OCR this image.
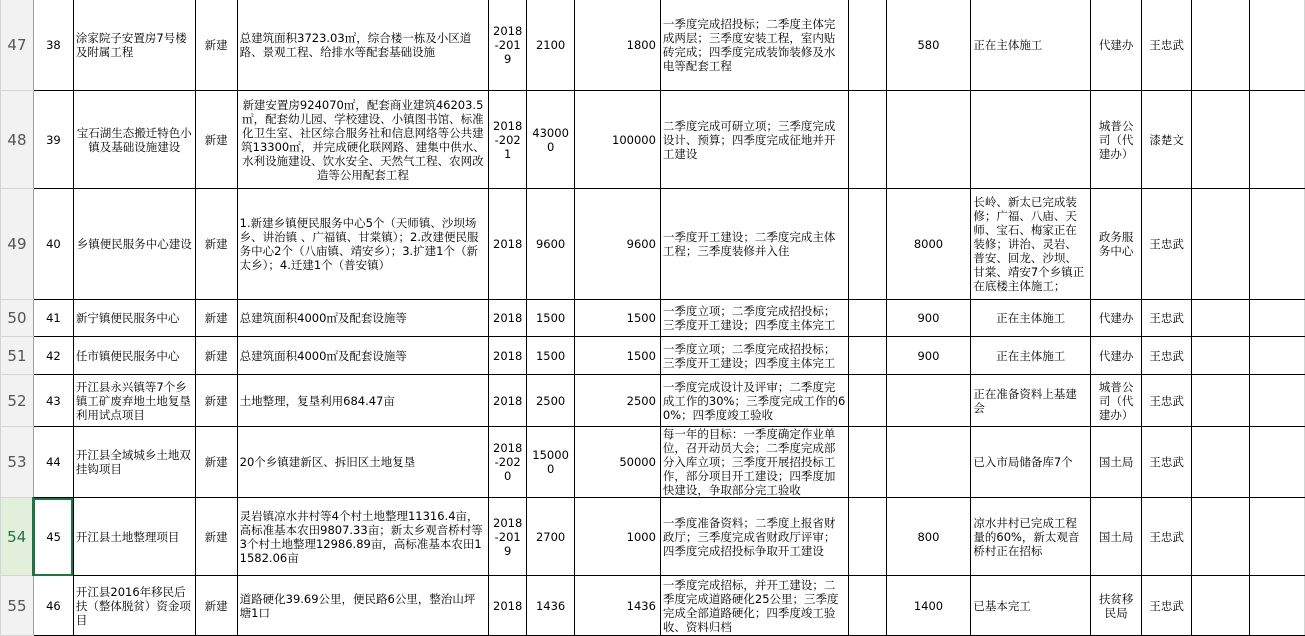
47	38	涂家院子安置房7号楼及附属工程	新建	总建筑面积3723.03㎡，综合楼一栋及小区道路、景观工程、给排水等配套基础设施	2018-2019	2100	1800	一季度完成招投标；二季度主体完成两层；三季度安装工程，室内贴砖完成；四季度完成装饰装修及水电等配套工程		580	正在主体施工	代建办	王忠武		
48	39	宝石湖生态搬迁特色小镇及基础设施建设	新建	新建安置房924070㎡，配套商业建筑46203.5㎡，配套幼儿园、学校建设、小镇图书馆、标准化卫生室、社区综合服务社和信息网络等公共建筑13300㎡，并完成硬化联网路、建集中供水、水利设施建设、饮水安全、天然气工程、农网改造等公用配套工程	2018-2021	430000	100000	二季度完成可研立项；三季度完成设计、预算；四季度完成征地并开工建设				城普公司（代建办）	漆楚文		
49	40	乡镇便民服务中心建设	新建	1.新建乡镇便民服务中心5个（天师镇、沙坝场乡、讲治镇 、广福镇、甘棠镇）；2.改建便民服务中心2个（八庙镇、靖安乡）；3.扩建1个（新太乡）；4.迁建1个（普安镇）	2018	9600	9600	一季度开工建设；二季度完成主体工程；三季度装修并入住		8000	长岭、新太已完成装修；广福、八庙、天师、宝石、梅家正在装修；讲治、灵岩、普安、回龙、沙坝、甘棠、靖安7个乡镇正在底楼主体施工；	政务服务中心	王忠武		
50	41	新宁镇便民服务中心	新建	总建筑面积4000㎡及配套设施等	2018	1500	1500	一季度立项；二季度完成招投标；三季度开工建设；四季度主体完工		900	正在主体施工	代建办	王忠武		
51	42	任市镇便民服务中心	新建	总建筑面积4000㎡及配套设施等	2018	1500	1500	一季度立项；二季度完成招投标；三季度开工建设；四季度主体完工		900	正在主体施工	代建办	王忠武		
52	43	开江县永兴镇等7个乡镇工矿废弃地土地复垦利用试点项目	新建	土地整理，复垦利用684.47亩	2018	2500	2500	一季度完成设计及评审；二季度完成工作的30%；三季度完成工作的60%；四季度竣工验收			正在准备资料上基建会	城普公司（代建办）	王忠武		
53	44	开江县全域城乡土地双挂钩项目	新建	20个乡镇建新区、拆旧区土地复垦	2018-2020	150000	50000	每一年的目标：一季度确定作业单位，召开动员大会；二季度完成部分入库立项；三季度开展招投标工作，部分项目开工建设；四季度加快建设，争取部分完工验收			已入市局储备库7个	国土局	王忠武		
54	45	开江县土地整理项目	新建	灵岩镇凉水井村等4个村土地整理11316.4亩，高标准基本农田9807.33亩；新太乡观音桥村等3个村土地整理12986.89亩，高标准基本农田11582.06亩	2018-2019	2700	1000	一季度准备资料；二季度上报省财政厅；三季度完成省财政厅评审；四季度完成招投标争取开工建设		800	凉水井村已完成工程量的60%，新太观音桥村正在招标	国土局	王忠武		
55	46	开江县2016年移民后扶（整体脱贫）资金项目	新建	道路硬化39.69公里，便民路6公里，整治山坪塘1口	2018	1436	1436	一季度完成招标，并开工建设；二季度完成道路硬化25公里；三季度完成全部道路硬化；四季度竣工验收、资料归档		1400	已基本完工	扶贫移民局	王忠武		
